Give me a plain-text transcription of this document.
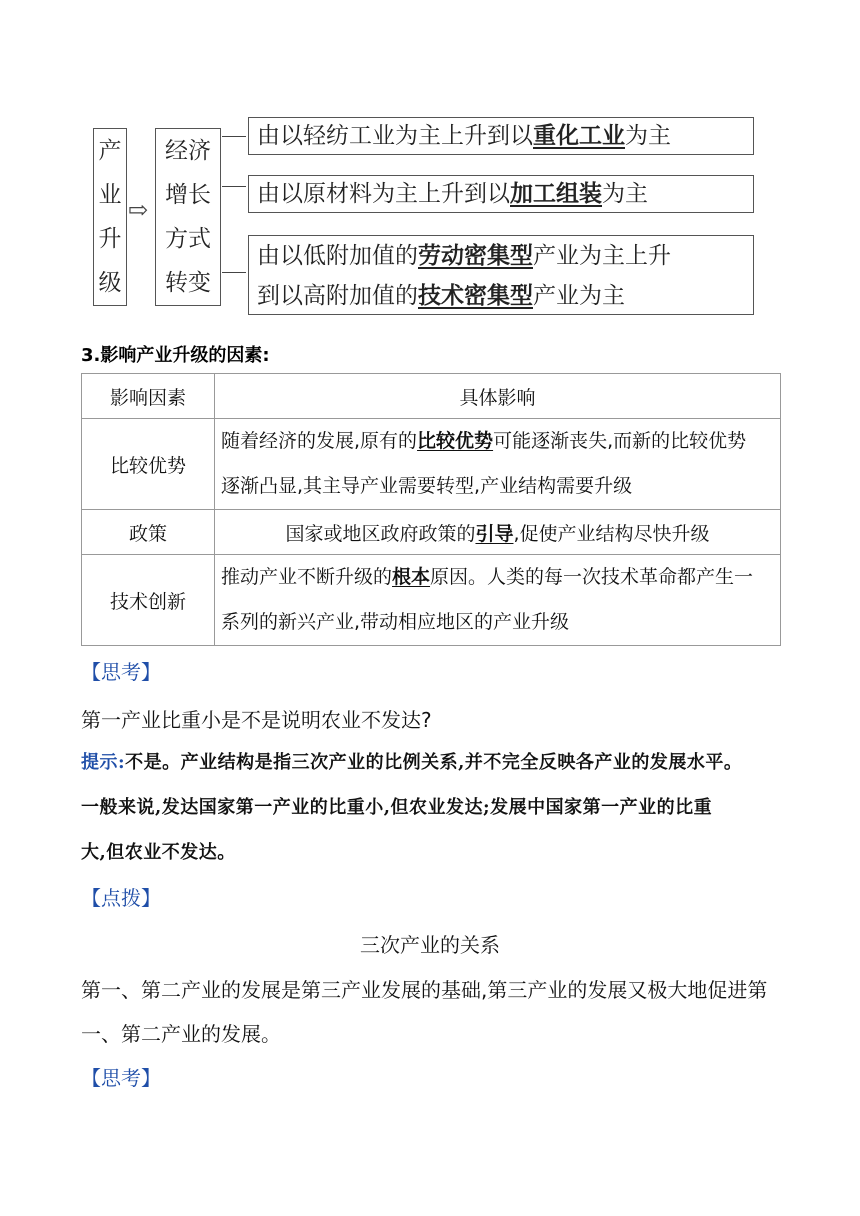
产
业
升
级
⇨
经济
增长
方式
转变
由以轻纺工业为主上升到以重化工业为主
由以原材料为主上升到以加工组装为主
由以低附加值的劳动密集型产业为主上升
到以高附加值的技术密集型产业为主
3.影响产业升级的因素:
影响因素	具体影响
比较优势	随着经济的发展,原有的比较优势可能逐渐丧失,而新的比较优势
逐渐凸显,其主导产业需要转型,产业结构需要升级

政策	国家或地区政府政策的引导,促使产业结构尽快升级
技术创新	推动产业不断升级的根本原因。人类的每一次技术革命都产生一
系列的新兴产业,带动相应地区的产业升级
【思考】
第一产业比重小是不是说明农业不发达?
提示:不是。产业结构是指三次产业的比例关系,并不完全反映各产业的发展水平。
一般来说,发达国家第一产业的比重小,但农业发达;发展中国家第一产业的比重
大,但农业不发达。
【点拨】
三次产业的关系
第一、第二产业的发展是第三产业发展的基础,第三产业的发展又极大地促进第
一、第二产业的发展。
【思考】
